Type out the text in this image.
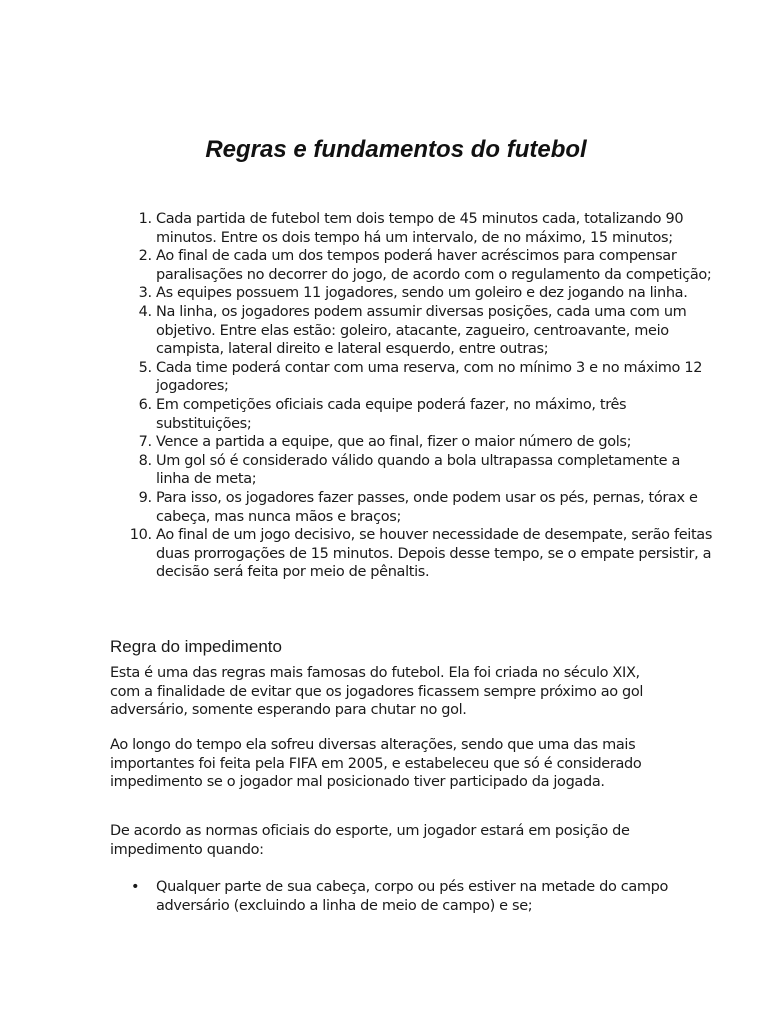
Regras e fundamentos do futebol
1. Cada partida de futebol tem dois tempo de 45 minutos cada, totalizando 90 minutos. Entre os dois tempo há um intervalo, de no máximo, 15 minutos;
2. Ao final de cada um dos tempos poderá haver acréscimos para compensar paralisações no decorrer do jogo, de acordo com o regulamento da competição;
3. As equipes possuem 11 jogadores, sendo um goleiro e dez jogando na linha.
4. Na linha, os jogadores podem assumir diversas posições, cada uma com um objetivo. Entre elas estão: goleiro, atacante, zagueiro, centroavante, meio campista, lateral direito e lateral esquerdo, entre outras;
5. Cada time poderá contar com uma reserva, com no mínimo 3 e no máximo 12 jogadores;
6. Em competições oficiais cada equipe poderá fazer, no máximo, três substituições;
7. Vence a partida a equipe, que ao final, fizer o maior número de gols;
8. Um gol só é considerado válido quando a bola ultrapassa completamente a linha de meta;
9. Para isso, os jogadores fazer passes, onde podem usar os pés, pernas, tórax e cabeça, mas nunca mãos e braços;
10. Ao final de um jogo decisivo, se houver necessidade de desempate, serão feitas duas prorrogações de 15 minutos. Depois desse tempo, se o empate persistir, a decisão será feita por meio de pênaltis.
Regra do impedimento

Esta é uma das regras mais famosas do futebol. Ela foi criada no século XIX, com a finalidade de evitar que os jogadores ficassem sempre próximo ao gol adversário, somente esperando para chutar no gol.

Ao longo do tempo ela sofreu diversas alterações, sendo que uma das mais importantes foi feita pela FIFA em 2005, e estabeleceu que só é considerado impedimento se o jogador mal posicionado tiver participado da jogada.

De acordo as normas oficiais do esporte, um jogador estará em posição de impedimento quando:

• Qualquer parte de sua cabeça, corpo ou pés estiver na metade do campo adversário (excluindo a linha de meio de campo) e se;
